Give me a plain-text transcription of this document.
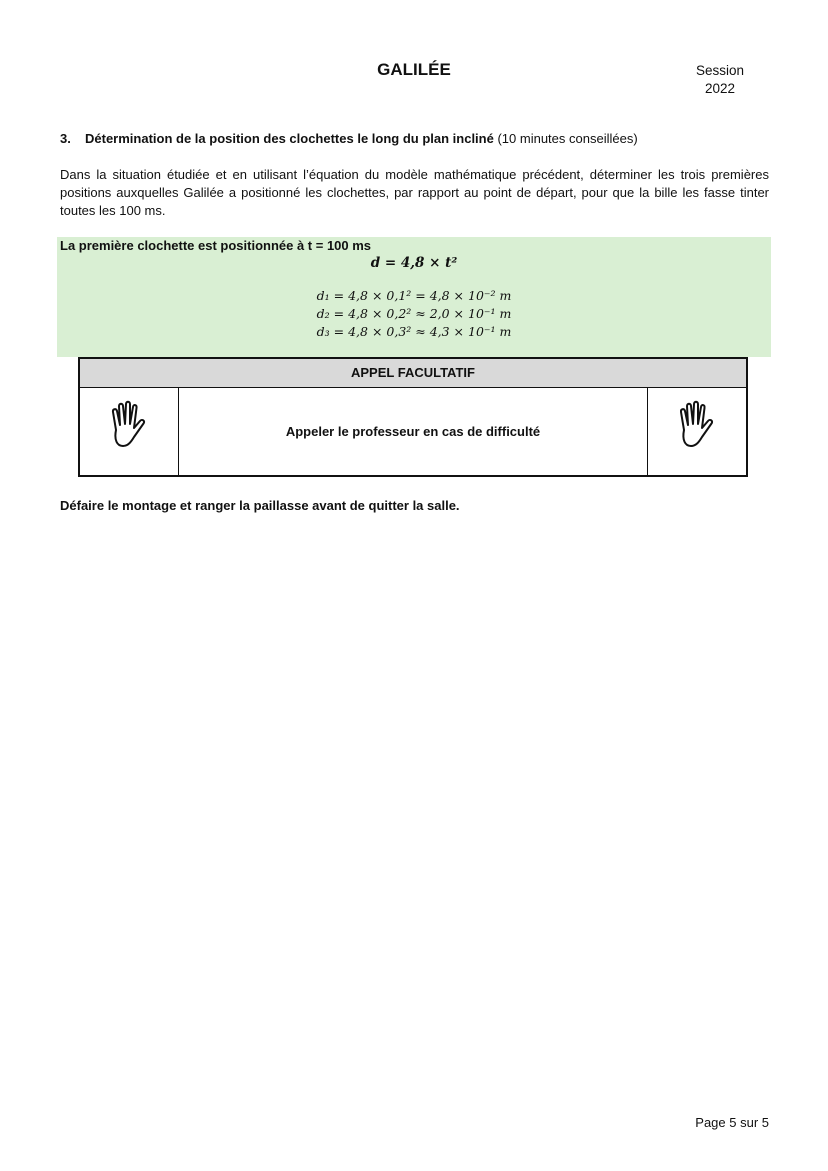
GALILÉE	Session
2022
3. Détermination de la position des clochettes le long du plan incliné (10 minutes conseillées)
Dans la situation étudiée et en utilisant l’équation du modèle mathématique précédent, déterminer les trois premières positions auxquelles Galilée a positionné les clochettes, par rapport au point de départ, pour que la bille les fasse tinter toutes les 100 ms.
La première clochette est positionnée à t = 100 ms
d = 4,8 × t²
d₁ = 4,8 × 0,1² = 4,8 × 10⁻² m
d₂ = 4,8 × 0,2² ≈ 2,0 × 10⁻¹ m
d₃ = 4,8 × 0,3² ≈ 4,3 × 10⁻¹ m
APPEL FACULTATIF
Appeler le professeur en cas de difficulté
Défaire le montage et ranger la paillasse avant de quitter la salle.
Page 5 sur 5
